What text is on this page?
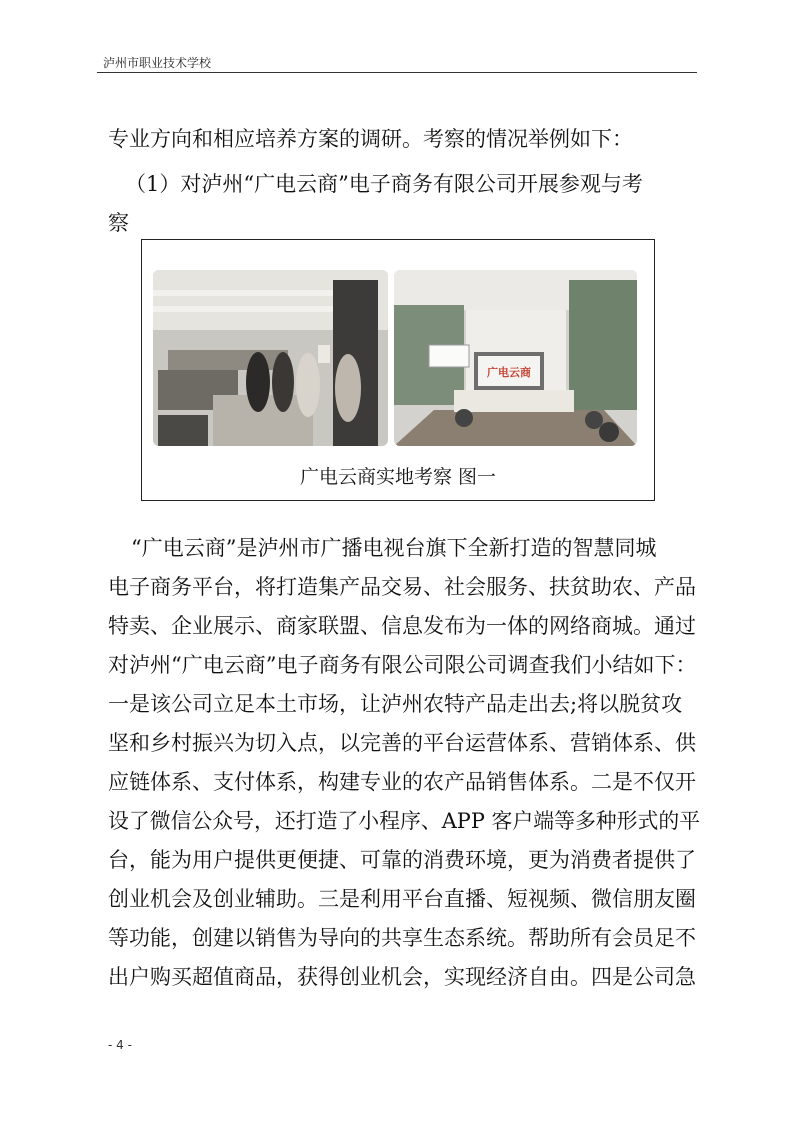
泸州市职业技术学校
专业方向和相应培养方案的调研。考察的情况举例如下：
（1）对泸州“广电云商”电子商务有限公司开展参观与考
察
广电云商
广电云商实地考察 图一
“广电云商”是泸州市广播电视台旗下全新打造的智慧同城
电子商务平台，将打造集产品交易、社会服务、扶贫助农、产品
特卖、企业展示、商家联盟、信息发布为一体的网络商城。通过
对泸州“广电云商”电子商务有限公司限公司调查我们小结如下：
一是该公司立足本土市场，让泸州农特产品走出去;将以脱贫攻
坚和乡村振兴为切入点，以完善的平台运营体系、营销体系、供
应链体系、支付体系，构建专业的农产品销售体系。二是不仅开
设了微信公众号，还打造了小程序、APP 客户端等多种形式的平
台，能为用户提供更便捷、可靠的消费环境，更为消费者提供了
创业机会及创业辅助。三是利用平台直播、短视频、微信朋友圈
等功能，创建以销售为导向的共享生态系统。帮助所有会员足不
出户购买超值商品，获得创业机会，实现经济自由。四是公司急
- 4 -
